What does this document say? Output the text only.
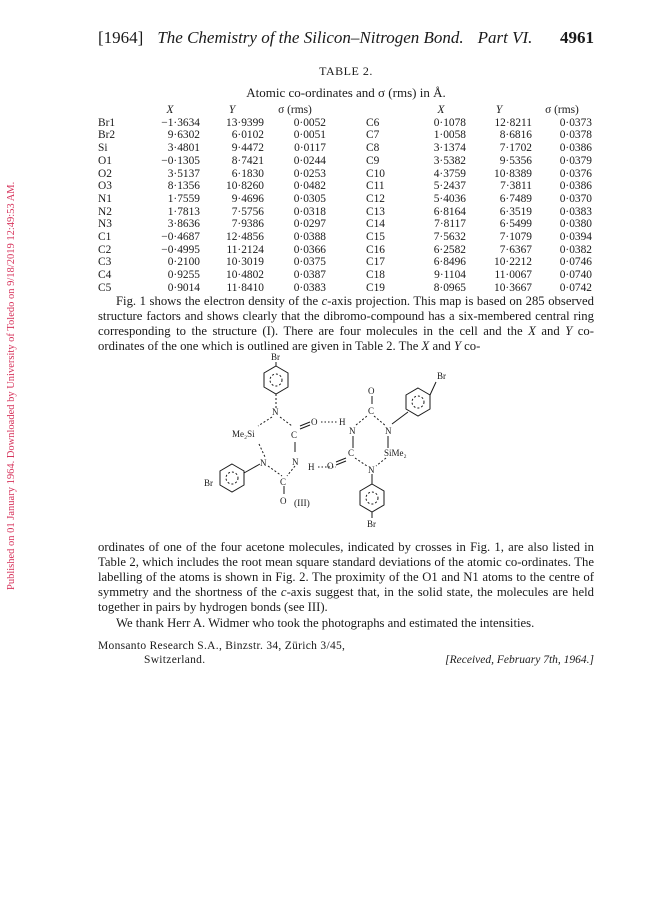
Published on 01 January 1964. Downloaded by University of Toledo on 9/18/2019 12:49:53 AM.
[1964] The Chemistry of the Silicon–Nitrogen Bond. Part VI. 4961
TABLE 2.
Atomic co-ordinates and σ (rms) in Å.
	X	Y	σ (rms)			X	Y	σ (rms)
Br1	−1·3634	13·9399	0·0052		C6	0·1078	12·8211	0·0373
Br2	9·6302	6·0102	0·0051		C7	1·0058	8·6816	0·0378
Si	3·4801	9·4472	0·0117		C8	3·1374	7·1702	0·0386
O1	−0·1305	8·7421	0·0244		C9	3·5382	9·5356	0·0379
O2	3·5137	6·1830	0·0253		C10	4·3759	10·8389	0·0376
O3	8·1356	10·8260	0·0482		C11	5·2437	7·3811	0·0386
N1	1·7559	9·4696	0·0305		C12	5·4036	6·7489	0·0370
N2	1·7813	7·5756	0·0318		C13	6·8164	6·3519	0·0383
N3	3·8636	7·9386	0·0297		C14	7·8117	6·5499	0·0380
C1	−0·4687	12·4856	0·0388		C15	7·5632	7·1079	0·0394
C2	−0·4995	11·2124	0·0366		C16	6·2582	7·6367	0·0382
C3	0·2100	10·3019	0·0375		C17	6·8496	10·2212	0·0746
C4	0·9255	10·4802	0·0387		C18	9·1104	11·0067	0·0740
C5	0·9014	11·8410	0·0383		C19	8·0965	10·3667	0·0742

Fig. 1 shows the electron density of the c-axis projection. This map is based on 285 observed structure factors and shows clearly that the dibromo-compound has a six-membered central ring corresponding to the structure (I). There are four molecules in the cell and the X and Y co-ordinates of the one which is outlined are given in Table 2. The X and Y co-

Br
N
Me₂Si	C
O H
N	N
C
O
H
O
C
N	N
C
O
SiMe₂
N
Br
Br
Br
(III)

ordinates of one of the four acetone molecules, indicated by crosses in Fig. 1, are also listed in Table 2, which includes the root mean square standard deviations of the atomic co-ordinates. The labelling of the atoms is shown in Fig. 2. The proximity of the O1 and N1 atoms to the centre of symmetry and the shortness of the c-axis suggest that, in the solid state, the molecules are held together in pairs by hydrogen bonds (see III).

We thank Herr A. Widmer who took the photographs and estimated the intensities.

Monsanto Research S.A., Binzstr. 34, Zürich 3/45,
Switzerland.	[Received, February 7th, 1964.]
